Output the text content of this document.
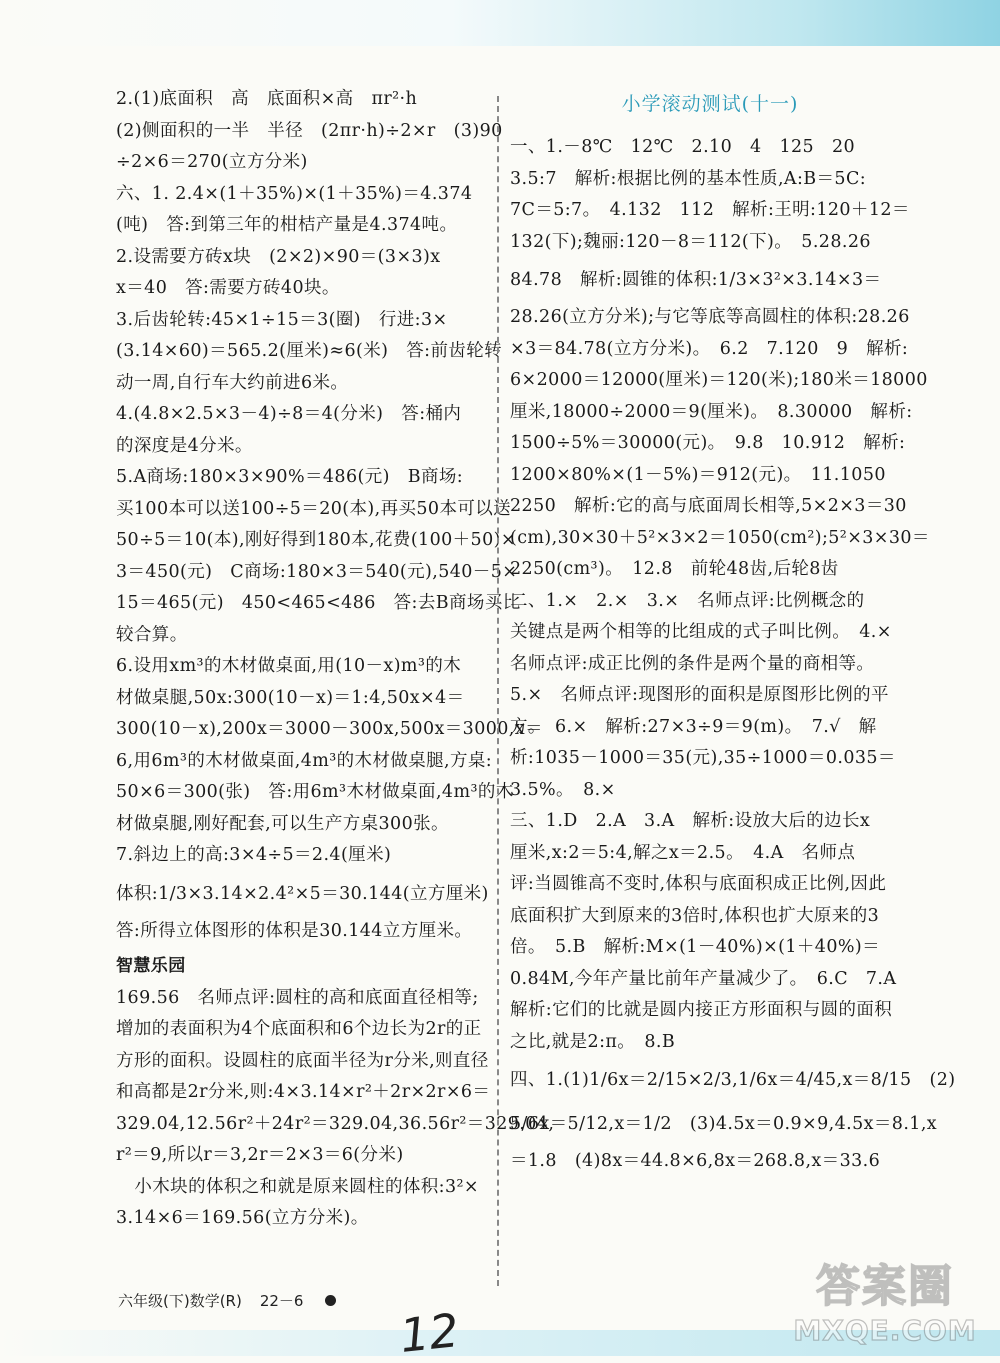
2.(1)底面积　高　底面积×高　πr²·h
(2)侧面积的一半　半径　(2πr·h)÷2×r　(3)90
÷2×6＝270(立方分米)
六、1. 2.4×(1＋35%)×(1＋35%)＝4.374
(吨)　答:到第三年的柑桔产量是4.374吨。
2.设需要方砖x块　(2×2)×90＝(3×3)x
x＝40　答:需要方砖40块。
3.后齿轮转:45×1÷15＝3(圈)　行进:3×
(3.14×60)＝565.2(厘米)≈6(米)　答:前齿轮转
动一周,自行车大约前进6米。
4.(4.8×2.5×3－4)÷8＝4(分米)　答:桶内
的深度是4分米。
5.A商场:180×3×90%＝486(元)　B商场:
买100本可以送100÷5＝20(本),再买50本可以送
50÷5＝10(本),刚好得到180本,花费(100＋50)×
3＝450(元)　C商场:180×3＝540(元),540－5×
15＝465(元)　450<465<486　答:去B商场买比
较合算。
6.设用xm³的木材做桌面,用(10－x)m³的木
材做桌腿,50x:300(10－x)＝1:4,50x×4＝
300(10－x),200x＝3000－300x,500x＝3000,x＝
6,用6m³的木材做桌面,4m³的木材做桌腿,方桌:
50×6＝300(张)　答:用6m³木材做桌面,4m³的木
材做桌腿,刚好配套,可以生产方桌300张。
7.斜边上的高:3×4÷5＝2.4(厘米)
体积:1/3×3.14×2.4²×5＝30.144(立方厘米)
答:所得立体图形的体积是30.144立方厘米。
智慧乐园
169.56　名师点评:圆柱的高和底面直径相等;
增加的表面积为4个底面积和6个边长为2r的正
方形的面积。设圆柱的底面半径为r分米,则直径
和高都是2r分米,则:4×3.14×r²＋2r×2r×6＝
329.04,12.56r²＋24r²＝329.04,36.56r²＝329.04,
r²＝9,所以r＝3,2r＝2×3＝6(分米)
小木块的体积之和就是原来圆柱的体积:3²×
3.14×6＝169.56(立方分米)。
小学滚动测试(十一)
一、1.－8℃　12℃　2.10　4　125　20
3.5:7　解析:根据比例的基本性质,A:B＝5C:
7C＝5:7。　4.132　112　解析:王明:120＋12＝
132(下);魏丽:120－8＝112(下)。　5.28.26
84.78　解析:圆锥的体积:1/3×3²×3.14×3＝
28.26(立方分米);与它等底等高圆柱的体积:28.26
×3＝84.78(立方分米)。　6.2　7.120　9　解析:
6×2000＝12000(厘米)＝120(米);180米＝18000
厘米,18000÷2000＝9(厘米)。　8.30000　解析:
1500÷5%＝30000(元)。　9.8　10.912　解析:
1200×80%×(1－5%)＝912(元)。　11.1050
2250　解析:它的高与底面周长相等,5×2×3＝30
(cm),30×30＋5²×3×2＝1050(cm²);5²×3×30＝
2250(cm³)。　12.8　前轮48齿,后轮8齿
二、1.×　2.×　3.×　名师点评:比例概念的
关键点是两个相等的比组成的式子叫比例。　4.×
名师点评:成正比例的条件是两个量的商相等。
5.×　名师点评:现图形的面积是原图形比例的平
方。　6.×　解析:27×3÷9＝9(m)。　7.√　解
析:1035－1000＝35(元),35÷1000＝0.035＝
3.5%。　8.×
三、1.D　2.A　3.A　解析:设放大后的边长x
厘米,x:2＝5:4,解之x＝2.5。　4.A　名师点
评:当圆锥高不变时,体积与底面积成正比例,因此
底面积扩大到原来的3倍时,体积也扩大原来的3
倍。　5.B　解析:M×(1－40%)×(1＋40%)＝
0.84M,今年产量比前年产量减少了。　6.C　7.A
解析:它们的比就是圆内接正方形面积与圆的面积
之比,就是2:π。　8.B
四、1.(1)1/6x＝2/15×2/3,1/6x＝4/45,x＝8/15　(2)
5/6x＝5/12,x＝1/2　(3)4.5x＝0.9×9,4.5x＝8.1,x
＝1.8　(4)8x＝44.8×6,8x＝268.8,x＝33.6
六年级(下)数学(R) 22－6
12
答案圈
MXQE.COM
